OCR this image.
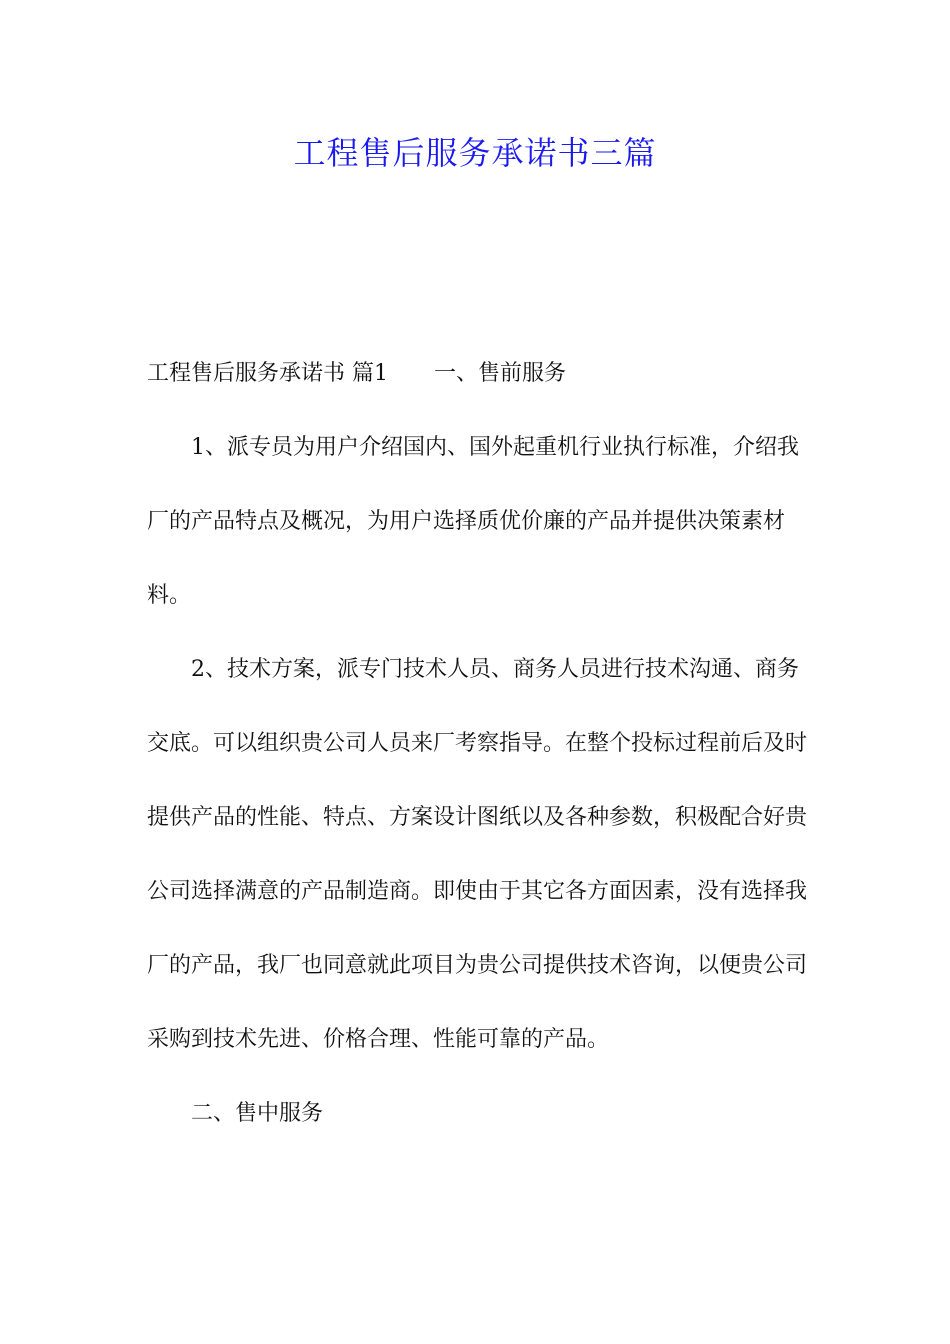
工程售后服务承诺书三篇

工程售后服务承诺书 篇1 一、售前服务

1、派专员为用户介绍国内、国外起重机行业执行标准，介绍我厂的产品特点及概况，为用户选择质优价廉的产品并提供决策素材料。

2、技术方案，派专门技术人员、商务人员进行技术沟通、商务交底。可以组织贵公司人员来厂考察指导。在整个投标过程前后及时提供产品的性能、特点、方案设计图纸以及各种参数，积极配合好贵公司选择满意的产品制造商。即使由于其它各方面因素，没有选择我厂的产品，我厂也同意就此项目为贵公司提供技术咨询，以便贵公司采购到技术先进、价格合理、性能可靠的产品。

二、售中服务
